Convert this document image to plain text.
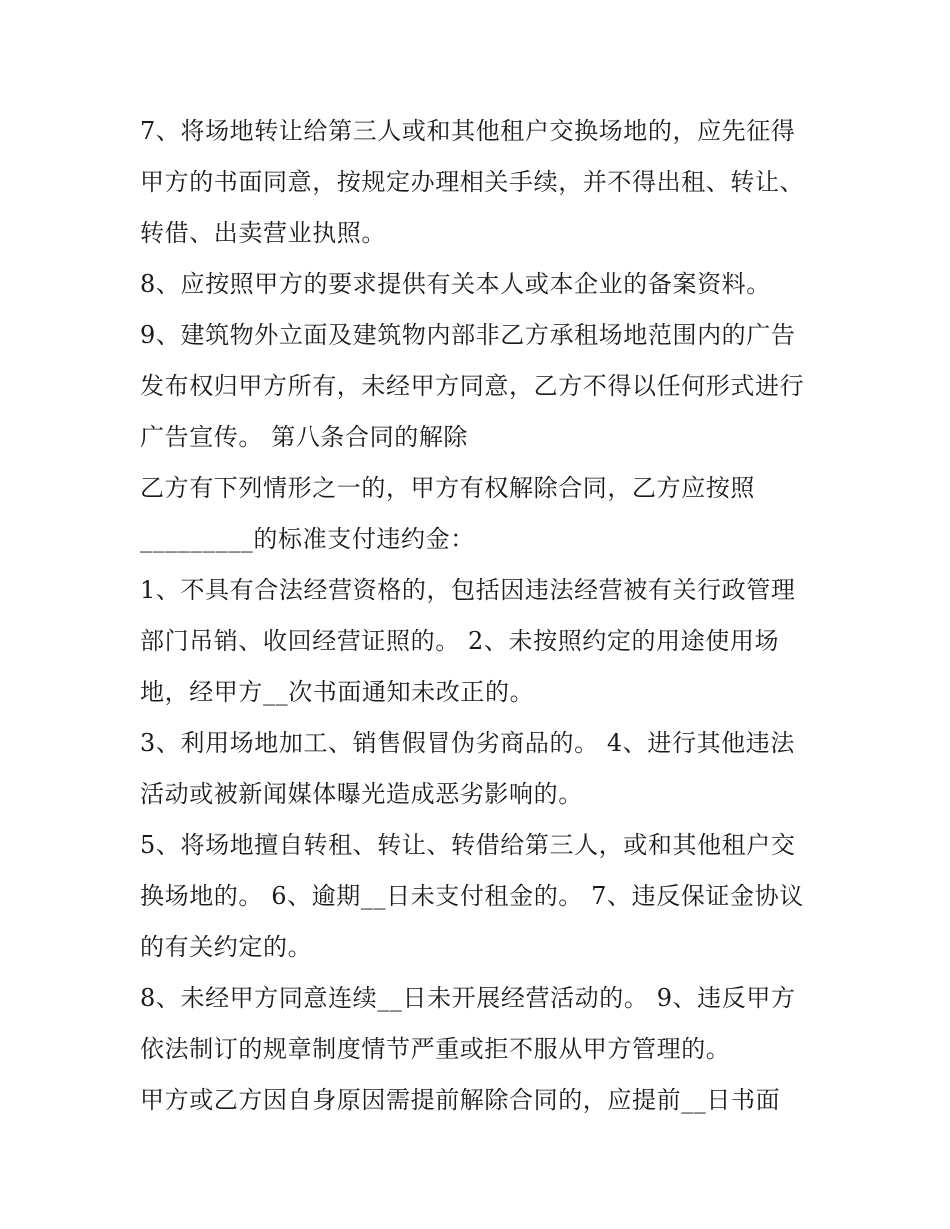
7、将场地转让给第三人或和其他租户交换场地的，应先征得
甲方的书面同意，按规定办理相关手续，并不得出租、转让、
转借、出卖营业执照。
8、应按照甲方的要求提供有关本人或本企业的备案资料。
9、建筑物外立面及建筑物内部非乙方承租场地范围内的广告
发布权归甲方所有，未经甲方同意，乙方不得以任何形式进行
广告宣传。 第八条合同的解除
乙方有下列情形之一的，甲方有权解除合同，乙方应按照
_________的标准支付违约金：
1、不具有合法经营资格的，包括因违法经营被有关行政管理
部门吊销、收回经营证照的。 2、未按照约定的用途使用场
地，经甲方__次书面通知未改正的。
3、利用场地加工、销售假冒伪劣商品的。 4、进行其他违法
活动或被新闻媒体曝光造成恶劣影响的。
5、将场地擅自转租、转让、转借给第三人，或和其他租户交
换场地的。 6、逾期__日未支付租金的。 7、违反保证金协议
的有关约定的。
8、未经甲方同意连续__日未开展经营活动的。 9、违反甲方
依法制订的规章制度情节严重或拒不服从甲方管理的。
甲方或乙方因自身原因需提前解除合同的，应提前__日书面
